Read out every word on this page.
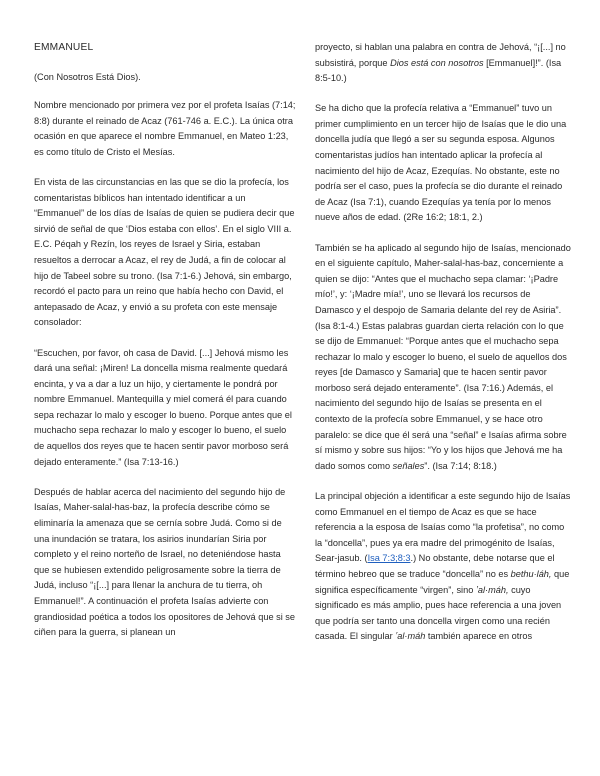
EMMANUEL

(Con Nosotros Está Dios).

Nombre mencionado por primera vez por el profeta Isaías (7:14; 8:8) durante el reinado de Acaz (761-746 a. E.C.). La única otra ocasión en que aparece el nombre Emmanuel, en Mateo 1:23, es como título de Cristo el Mesías.

En vista de las circunstancias en las que se dio la profecía, los comentaristas bíblicos han intentado identificar a un “Emmanuel” de los días de Isaías de quien se pudiera decir que sirvió de señal de que ‘Dios estaba con ellos’. En el siglo VIII a. E.C. Péqah y Rezín, los reyes de Israel y Siria, estaban resueltos a derrocar a Acaz, el rey de Judá, a fin de colocar al hijo de Tabeel sobre su trono. (Isa 7:1-6.) Jehová, sin embargo, recordó el pacto para un reino que había hecho con David, el antepasado de Acaz, y envió a su profeta con este mensaje consolador:

“Escuchen, por favor, oh casa de David. [...] Jehová mismo les dará una señal: ¡Miren! La doncella misma realmente quedará encinta, y va a dar a luz un hijo, y ciertamente le pondrá por nombre Emmanuel. Mantequilla y miel comerá él para cuando sepa rechazar lo malo y escoger lo bueno. Porque antes que el muchacho sepa rechazar lo malo y escoger lo bueno, el suelo de aquellos dos reyes que te hacen sentir pavor morboso será dejado enteramente.” (Isa 7:13-16.)

Después de hablar acerca del nacimiento del segundo hijo de Isaías, Maher-salal-has-baz, la profecía describe cómo se eliminaría la amenaza que se cernía sobre Judá. Como si de una inundación se tratara, los asirios inundarían Siria por completo y el reino norteño de Israel, no deteniéndose hasta que se hubiesen extendido peligrosamente sobre la tierra de Judá, incluso “¡[...] para llenar la anchura de tu tierra, oh Emmanuel!”. A continuación el profeta Isaías advierte con grandiosidad poética a todos los opositores de Jehová que si se ciñen para la guerra, si planean un

proyecto, si hablan una palabra en contra de Jehová, “¡[...] no subsistirá, porque Dios está con nosotros [Emmanuel]!”. (Isa 8:5-10.)

Se ha dicho que la profecía relativa a “Emmanuel” tuvo un primer cumplimiento en un tercer hijo de Isaías que le dio una doncella judía que llegó a ser su segunda esposa. Algunos comentaristas judíos han intentado aplicar la profecía al nacimiento del hijo de Acaz, Ezequías. No obstante, este no podría ser el caso, pues la profecía se dio durante el reinado de Acaz (Isa 7:1), cuando Ezequías ya tenía por lo menos nueve años de edad. (2Re 16:2; 18:1, 2.)

También se ha aplicado al segundo hijo de Isaías, mencionado en el siguiente capítulo, Maher-salal-has-baz, concerniente a quien se dijo: “Antes que el muchacho sepa clamar: ‘¡Padre mío!’, y: ‘¡Madre mía!’, uno se llevará los recursos de Damasco y el despojo de Samaria delante del rey de Asiria”. (Isa 8:1-4.) Estas palabras guardan cierta relación con lo que se dijo de Emmanuel: “Porque antes que el muchacho sepa rechazar lo malo y escoger lo bueno, el suelo de aquellos dos reyes [de Damasco y Samaria] que te hacen sentir pavor morboso será dejado enteramente”. (Isa 7:16.) Además, el nacimiento del segundo hijo de Isaías se presenta en el contexto de la profecía sobre Emmanuel, y se hace otro paralelo: se dice que él será una “señal” e Isaías afirma sobre sí mismo y sobre sus hijos: “Yo y los hijos que Jehová me ha dado somos como señales”. (Isa 7:14; 8:18.)

La principal objeción a identificar a este segundo hijo de Isaías como Emmanuel en el tiempo de Acaz es que se hace referencia a la esposa de Isaías como “la profetisa”, no como la “doncella”, pues ya era madre del primogénito de Isaías, Sear-jasub. (Isa 7:3;8:3.) No obstante, debe notarse que el término hebreo que se traduce “doncella” no es bethu·láh, que significa específicamente “virgen”, sino ʽal·máh, cuyo significado es más amplio, pues hace referencia a una joven que podría ser tanto una doncella virgen como una recién casada. El singular ʽal·máh también aparece en otros
